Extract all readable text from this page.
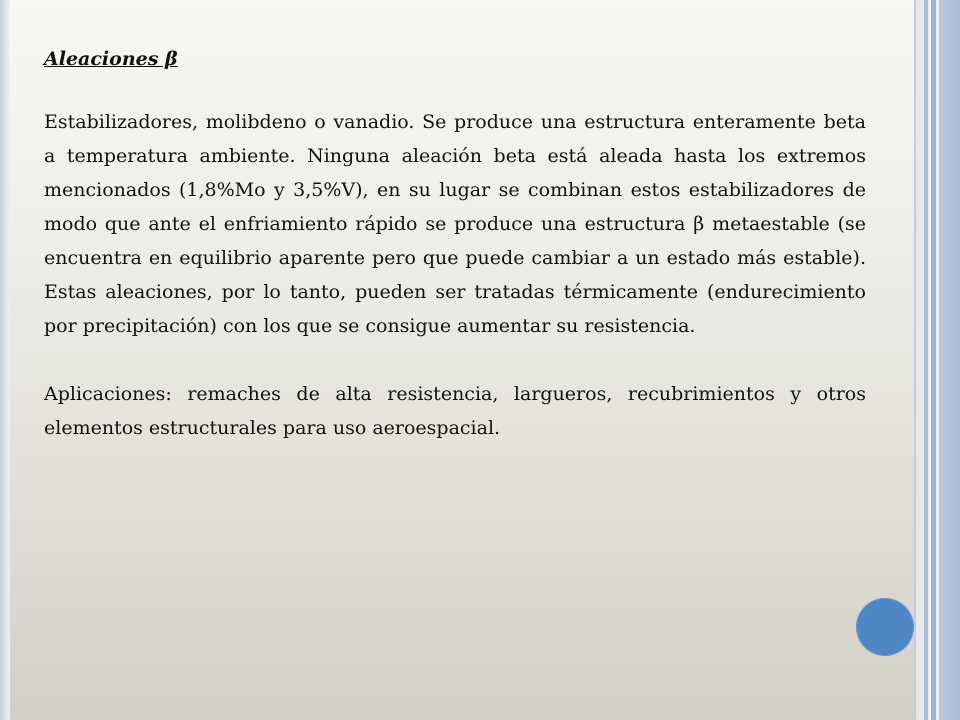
Aleaciones β

Estabilizadores, molibdeno o vanadio. Se produce una estructura enteramente beta a temperatura ambiente. Ninguna aleación beta está aleada hasta los extremos mencionados (1,8%Mo y 3,5%V), en su lugar se combinan estos estabilizadores de modo que ante el enfriamiento rápido se produce una estructura β metaestable (se encuentra en equilibrio aparente pero que puede cambiar a un estado más estable). Estas aleaciones, por lo tanto, pueden ser tratadas térmicamente (endurecimiento por precipitación) con los que se consigue aumentar su resistencia.

Aplicaciones: remaches de alta resistencia, largueros, recubrimientos y otros elementos estructurales para uso aeroespacial.
